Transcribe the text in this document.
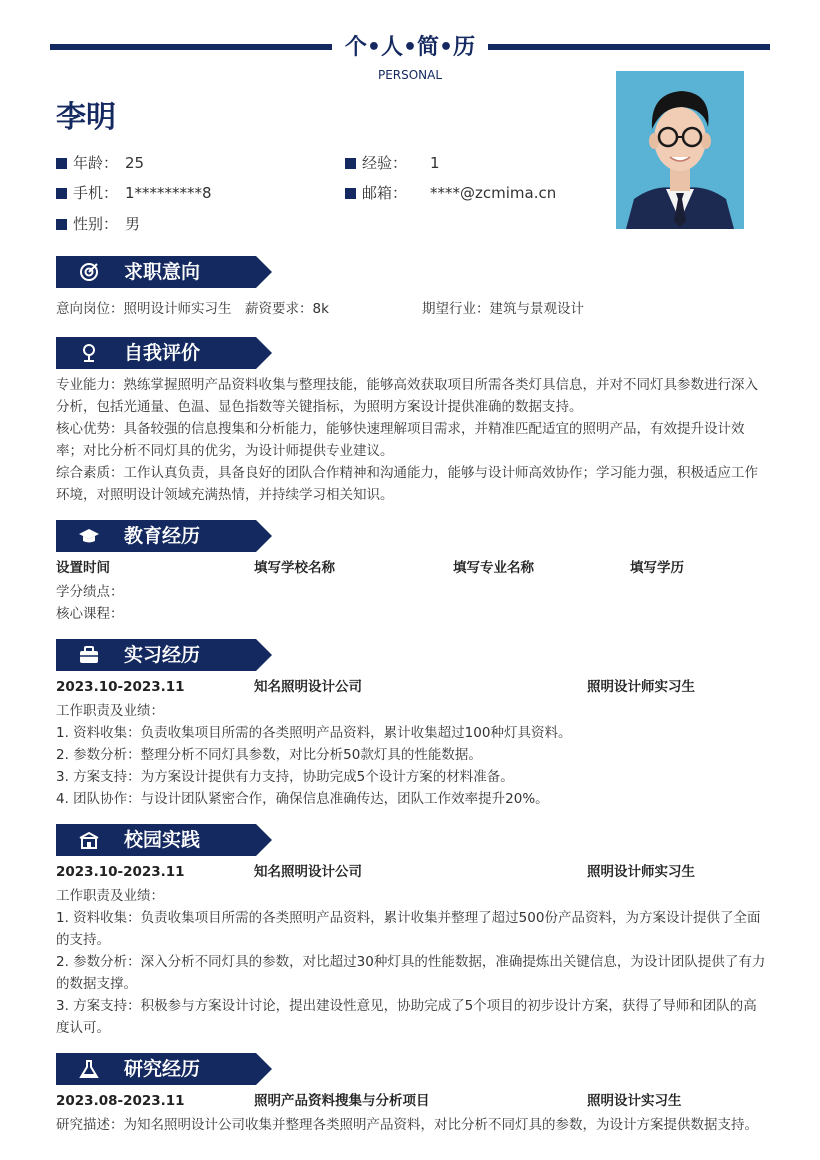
个•人•简•历
PERSONAL
李明
年龄： 25	经验：	1
手机： 1*********8	邮箱：	****@zcmima.cn
性别： 男
求职意向
意向岗位：照明设计师实习生 薪资要求：8k	期望行业：建筑与景观设计
自我评价
专业能力：熟练掌握照明产品资料收集与整理技能，能够高效获取项目所需各类灯具信息，并对不同灯具参数进行深入分析，包括光通量、色温、显色指数等关键指标，为照明方案设计提供准确的数据支持。
核心优势：具备较强的信息搜集和分析能力，能够快速理解项目需求，并精准匹配适宜的照明产品，有效提升设计效率；对比分析不同灯具的优劣，为设计师提供专业建议。
综合素质：工作认真负责，具备良好的团队合作精神和沟通能力，能够与设计师高效协作；学习能力强，积极适应工作环境，对照明设计领域充满热情，并持续学习相关知识。
教育经历
设置时间	填写学校名称	填写专业名称	填写学历
学分绩点：
核心课程：
实习经历
2023.10-2023.11	知名照明设计公司	照明设计师实习生
工作职责及业绩：
1. 资料收集：负责收集项目所需的各类照明产品资料，累计收集超过100种灯具资料。
2. 参数分析：整理分析不同灯具参数，对比分析50款灯具的性能数据。
3. 方案支持：为方案设计提供有力支持，协助完成5个设计方案的材料准备。
4. 团队协作：与设计团队紧密合作，确保信息准确传达，团队工作效率提升20%。
校园实践
2023.10-2023.11	知名照明设计公司	照明设计师实习生
工作职责及业绩：
1. 资料收集：负责收集项目所需的各类照明产品资料，累计收集并整理了超过500份产品资料，为方案设计提供了全面的支持。
2. 参数分析：深入分析不同灯具的参数，对比超过30种灯具的性能数据，准确提炼出关键信息，为设计团队提供了有力的数据支撑。
3. 方案支持：积极参与方案设计讨论，提出建设性意见，协助完成了5个项目的初步设计方案，获得了导师和团队的高度认可。
研究经历
2023.08-2023.11	照明产品资料搜集与分析项目	照明设计实习生
研究描述：为知名照明设计公司收集并整理各类照明产品资料，对比分析不同灯具的参数，为设计方案提供数据支持。
